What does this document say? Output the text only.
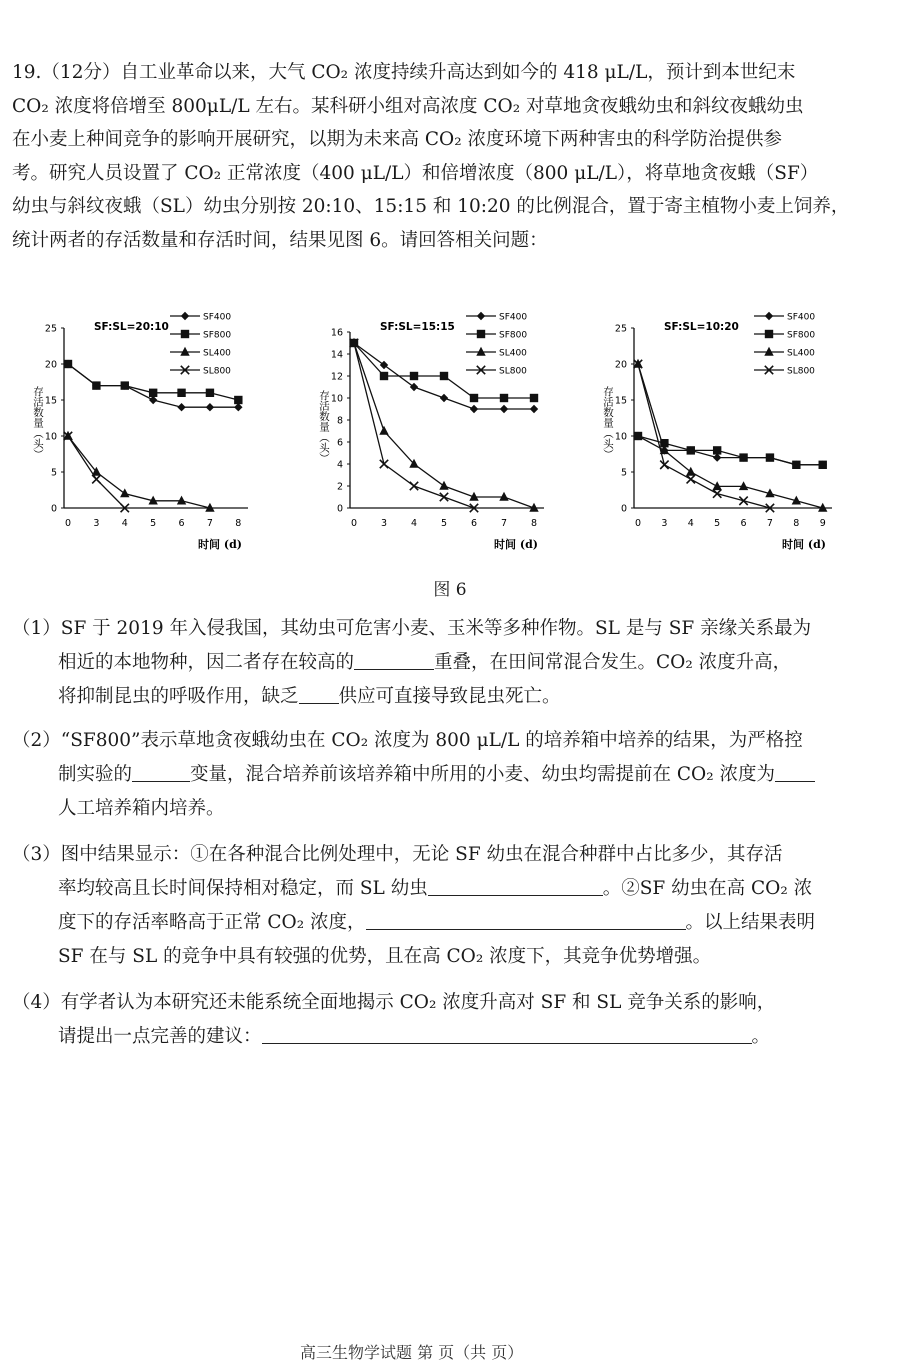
19.（12分）自工业革命以来，大气 CO₂ 浓度持续升高达到如今的 418 μL/L，预计到本世纪末
CO₂ 浓度将倍增至 800μL/L 左右。某科研小组对高浓度 CO₂ 对草地贪夜蛾幼虫和斜纹夜蛾幼虫
在小麦上种间竞争的影响开展研究，以期为未来高 CO₂ 浓度环境下两种害虫的科学防治提供参
考。研究人员设置了 CO₂ 正常浓度（400 μL/L）和倍增浓度（800 μL/L），将草地贪夜蛾（SF）
幼虫与斜纹夜蛾（SL）幼虫分别按 20:10、15:15 和 10:20 的比例混合，置于寄主植物小麦上饲养，
统计两者的存活数量和存活时间，结果见图 6。请回答相关问题：
0
5
10
15
20
25
0 3 4 5 6 7 8
存活数量（头）
时间 (d)
SF:SL=20:10
SF400
SF800
SL400
SL800
0
2
4
6
8
10
12
14
16
0	3	4	5	6	7	8
存活数量（头）
时间 (d)
SF:SL=15:15
SF400
SF800
SL400
SL800
0
5
10
15
20
25
0 3 4 5 6 7 8 9
存活数量（头）
时间 (d)
SF:SL=10:20
SF400
SF800
SL400
SL800
图 6
（1）SF 于 2019 年入侵我国，其幼虫可危害小麦、玉米等多种作物。SL 是与 SF 亲缘关系最为
相近的本地物种，因二者存在较高的	重叠，在田间常混合发生。CO₂ 浓度升高，
将抑制昆虫的呼吸作用，缺乏 供应可直接导致昆虫死亡。
（2）“SF800”表示草地贪夜蛾幼虫在 CO₂ 浓度为 800 μL/L 的培养箱中培养的结果，为严格控
制实验的	变量，混合培养前该培养箱中所用的小麦、幼虫均需提前在 CO₂ 浓度为
人工培养箱内培养。
（3）图中结果显示：①在各种混合比例处理中，无论 SF 幼虫在混合种群中占比多少，其存活
率均较高且长时间保持相对稳定，而 SL 幼虫	。②SF 幼虫在高 CO₂ 浓
度下的存活率略高于正常 CO₂ 浓度，	。以上结果表明
SF 在与 SL 的竞争中具有较强的优势，且在高 CO₂ 浓度下，其竞争优势增强。
（4）有学者认为本研究还未能系统全面地揭示 CO₂ 浓度升高对 SF 和 SL 竞争关系的影响，
请提出一点完善的建议：	。
高三生物学试题 第 页（共 页）
